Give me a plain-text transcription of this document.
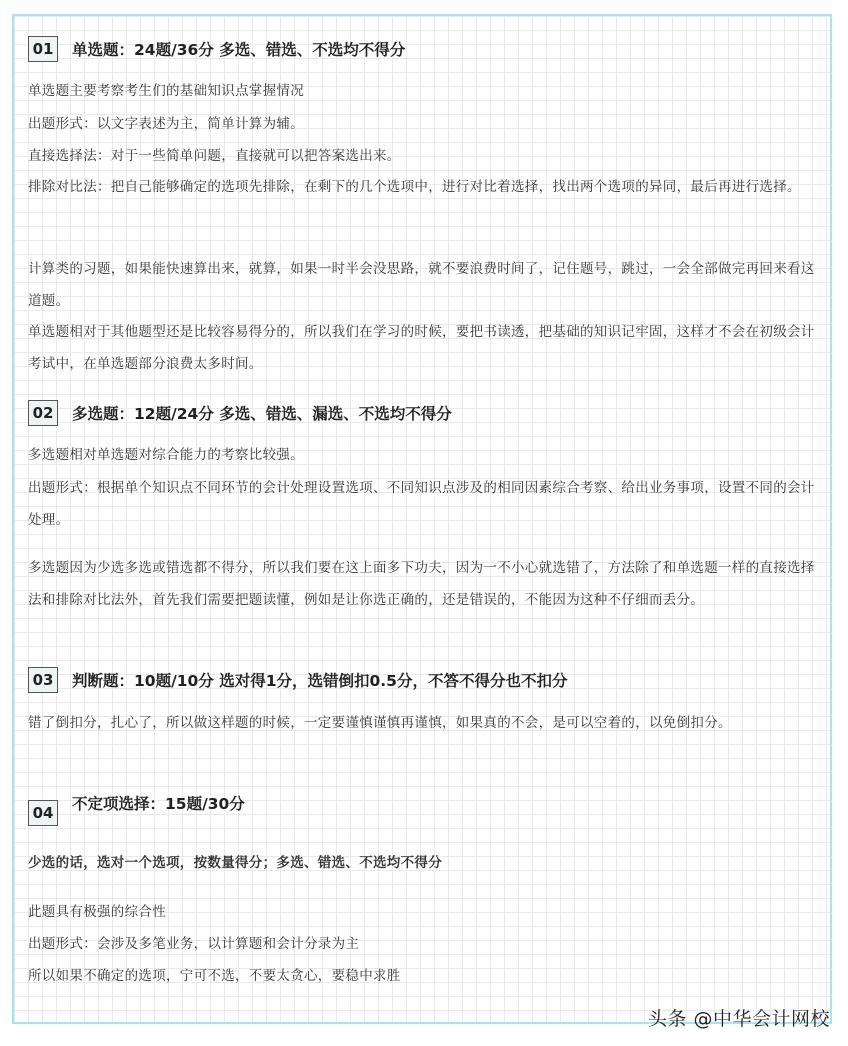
01 单选题：24题/36分 多选、错选、不选均不得分
单选题主要考察考生们的基础知识点掌握情况
出题形式：以文字表述为主，简单计算为辅。
直接选择法：对于一些简单问题，直接就可以把答案选出来。
排除对比法：把自己能够确定的选项先排除，在剩下的几个选项中，进行对比着选择，找出两个选项的异同，最后再进行选择。
计算类的习题，如果能快速算出来，就算，如果一时半会没思路，就不要浪费时间了，记住题号，跳过，一会全部做完再回来看这道题。
单选题相对于其他题型还是比较容易得分的，所以我们在学习的时候，要把书读透，把基础的知识记牢固，这样才不会在初级会计考试中，在单选题部分浪费太多时间。
02 多选题：12题/24分 多选、错选、漏选、不选均不得分
多选题相对单选题对综合能力的考察比较强。
出题形式：根据单个知识点不同环节的会计处理设置选项、不同知识点涉及的相同因素综合考察、给出业务事项，设置不同的会计处理。
多选题因为少选多选或错选都不得分，所以我们要在这上面多下功夫，因为一不小心就选错了，方法除了和单选题一样的直接选择法和排除对比法外，首先我们需要把题读懂，例如是让你选正确的，还是错误的，不能因为这种不仔细而丢分。
03 判断题：10题/10分 选对得1分，选错倒扣0.5分，不答不得分也不扣分
错了倒扣分，扎心了，所以做这样题的时候，一定要谨慎谨慎再谨慎，如果真的不会，是可以空着的，以免倒扣分。
04 不定项选择：15题/30分
少选的话，选对一个选项，按数量得分；多选、错选、不选均不得分
此题具有极强的综合性
出题形式：会涉及多笔业务，以计算题和会计分录为主
所以如果不确定的选项，宁可不选，不要太贪心，要稳中求胜
头条 @中华会计网校
